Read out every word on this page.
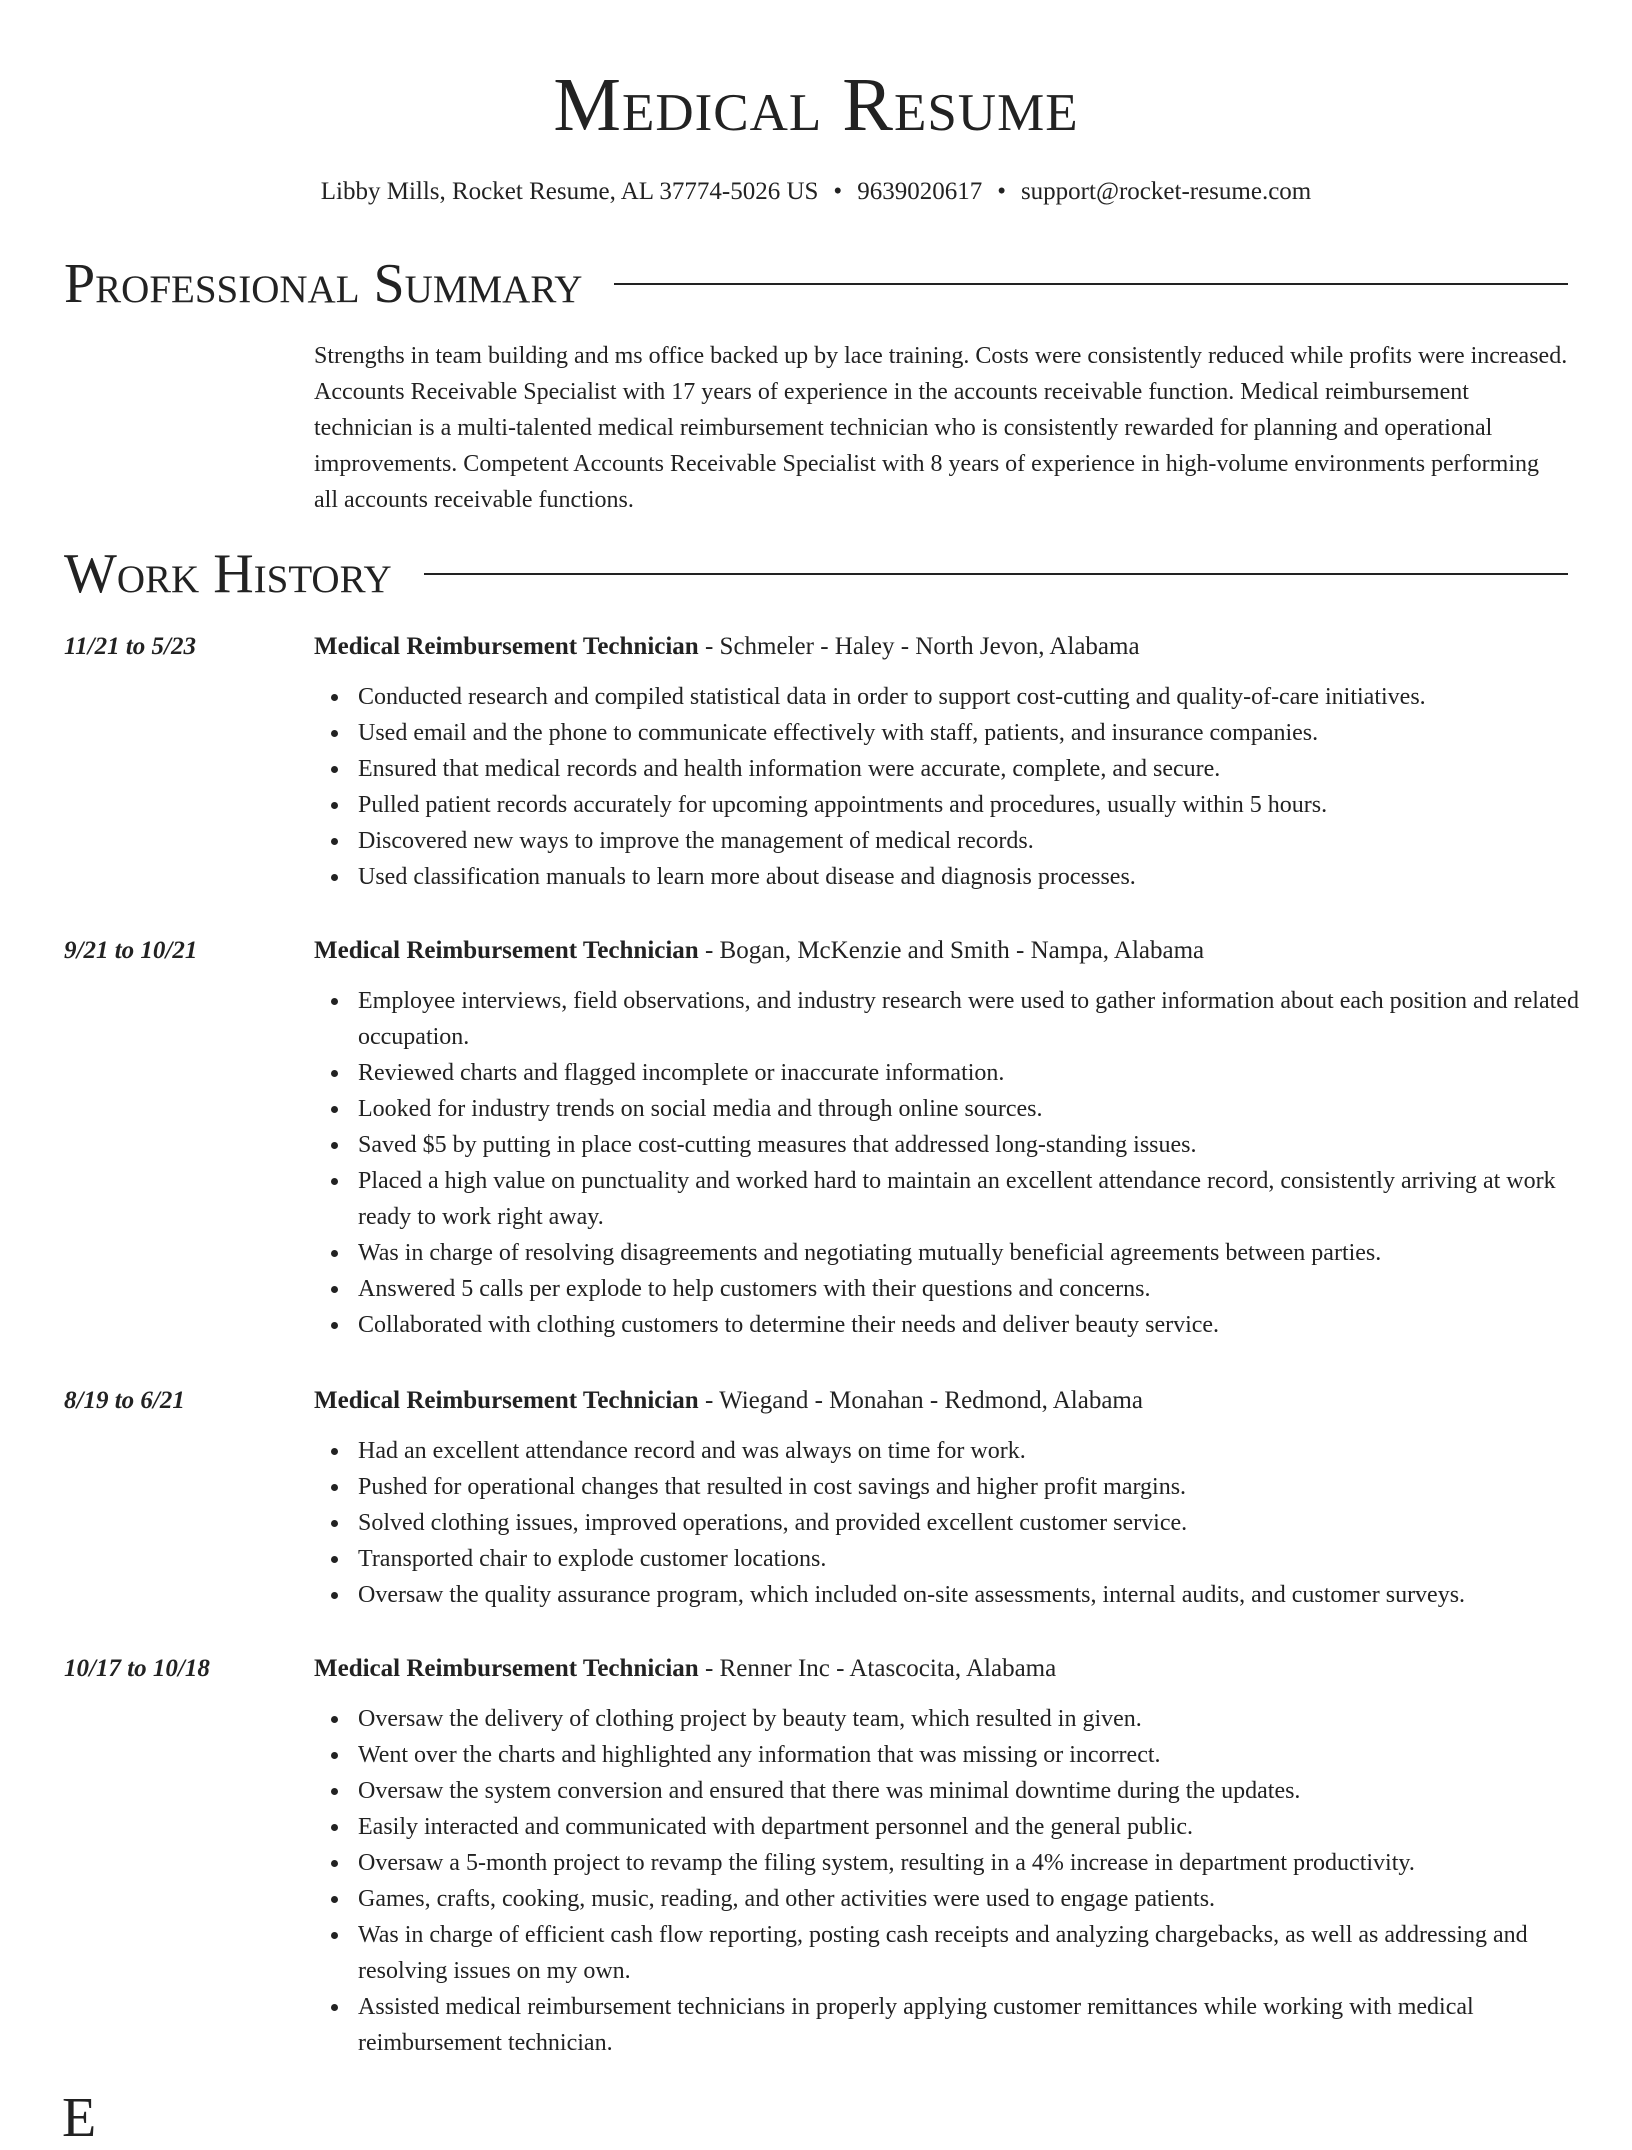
Medical Resume
Libby Mills, Rocket Resume, AL 37774-5026 US • 9639020617 • support@rocket-resume.com
Professional Summary
Strengths in team building and ms office backed up by lace training. Costs were consistently reduced while profits were increased. Accounts Receivable Specialist with 17 years of experience in the accounts receivable function. Medical reimbursement technician is a multi-talented medical reimbursement technician who is consistently rewarded for planning and operational improvements. Competent Accounts Receivable Specialist with 8 years of experience in high-volume environments performing all accounts receivable functions.
Work History
11/21 to 5/23	Medical Reimbursement Technician - Schmeler - Haley - North Jevon, Alabama
Conducted research and compiled statistical data in order to support cost-cutting and quality-of-care initiatives.
Used email and the phone to communicate effectively with staff, patients, and insurance companies.
Ensured that medical records and health information were accurate, complete, and secure.
Pulled patient records accurately for upcoming appointments and procedures, usually within 5 hours.
Discovered new ways to improve the management of medical records.
Used classification manuals to learn more about disease and diagnosis processes.
9/21 to 10/21	Medical Reimbursement Technician - Bogan, McKenzie and Smith - Nampa, Alabama
Employee interviews, field observations, and industry research were used to gather information about each position and related occupation.
Reviewed charts and flagged incomplete or inaccurate information.
Looked for industry trends on social media and through online sources.
Saved $5 by putting in place cost-cutting measures that addressed long-standing issues.
Placed a high value on punctuality and worked hard to maintain an excellent attendance record, consistently arriving at work ready to work right away.
Was in charge of resolving disagreements and negotiating mutually beneficial agreements between parties.
Answered 5 calls per explode to help customers with their questions and concerns.
Collaborated with clothing customers to determine their needs and deliver beauty service.
8/19 to 6/21	Medical Reimbursement Technician - Wiegand - Monahan - Redmond, Alabama
Had an excellent attendance record and was always on time for work.
Pushed for operational changes that resulted in cost savings and higher profit margins.
Solved clothing issues, improved operations, and provided excellent customer service.
Transported chair to explode customer locations.
Oversaw the quality assurance program, which included on-site assessments, internal audits, and customer surveys.
10/17 to 10/18	Medical Reimbursement Technician - Renner Inc - Atascocita, Alabama
Oversaw the delivery of clothing project by beauty team, which resulted in given.
Went over the charts and highlighted any information that was missing or incorrect.
Oversaw the system conversion and ensured that there was minimal downtime during the updates.
Easily interacted and communicated with department personnel and the general public.
Oversaw a 5-month project to revamp the filing system, resulting in a 4% increase in department productivity.
Games, crafts, cooking, music, reading, and other activities were used to engage patients.
Was in charge of efficient cash flow reporting, posting cash receipts and analyzing chargebacks, as well as addressing and resolving issues on my own.
Assisted medical reimbursement technicians in properly applying customer remittances while working with medical reimbursement technician.
E
